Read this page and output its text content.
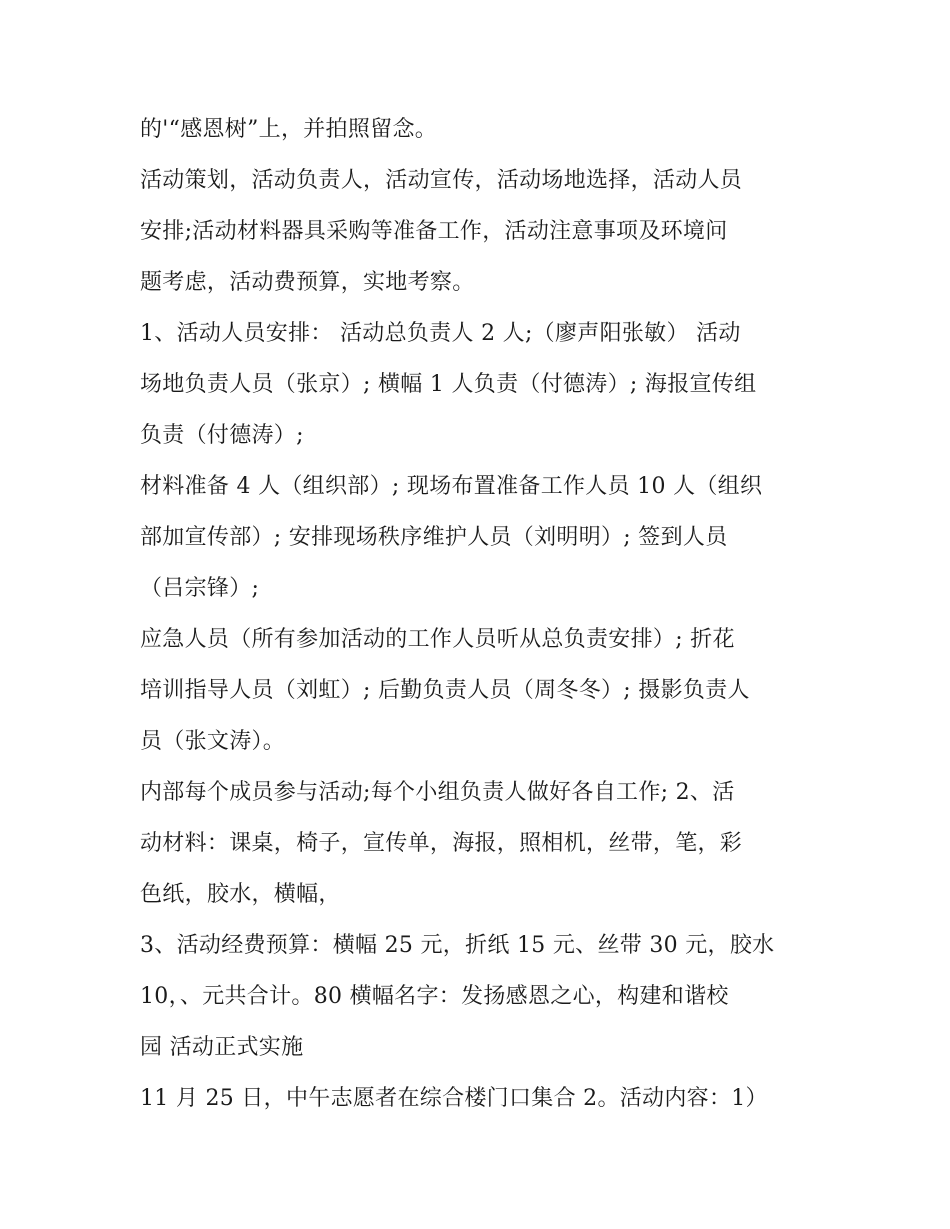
的'“感恩树”上，并拍照留念。
活动策划，活动负责人，活动宣传，活动场地选择，活动人员
安排;活动材料器具采购等准备工作，活动注意事项及环境问
题考虑，活动费预算，实地考察。
1、活动人员安排： 活动总负责人 2 人;（廖声阳张敏） 活动
场地负责人员（张京）; 横幅 1 人负责（付德涛）; 海报宣传组
负责（付德涛）;
材料准备 4 人（组织部）; 现场布置准备工作人员 10 人（组织
部加宣传部）; 安排现场秩序维护人员（刘明明）; 签到人员
（吕宗锋）;
应急人员（所有参加活动的工作人员听从总负责安排）; 折花
培训指导人员（刘虹）; 后勤负责人员（周冬冬）; 摄影负责人
员（张文涛）。
内部每个成员参与活动;每个小组负责人做好各自工作; 2、活
动材料：课桌，椅子，宣传单，海报，照相机，丝带，笔，彩
色纸，胶水，横幅，
3、活动经费预算：横幅 25 元，折纸 15 元、丝带 30 元，胶水
10，、元共合计。80 横幅名字：发扬感恩之心，构建和谐校
园 活动正式实施
11 月 25 日，中午志愿者在综合楼门口集合 2。活动内容：1）
